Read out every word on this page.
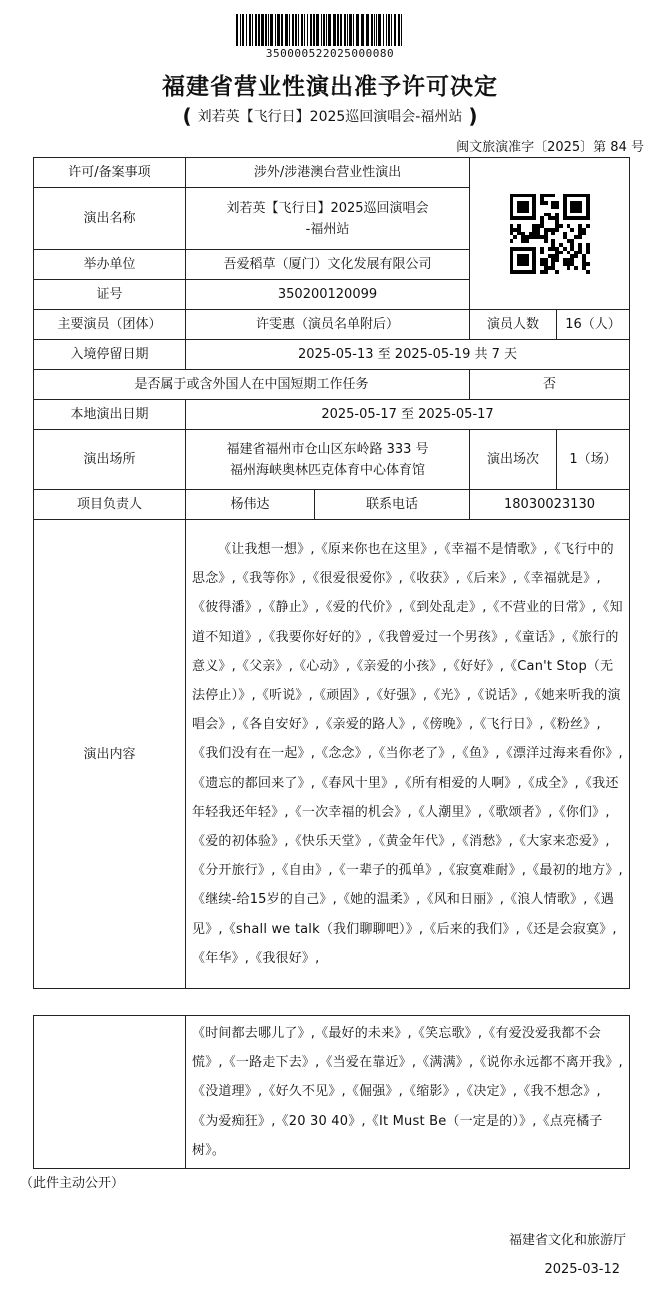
350000522025000080
福建省营业性演出准予许可决定
( 刘若英【飞行日】2025巡回演唱会-福州站 )
闽文旅演准字〔2025〕第 84 号
许可/备案事项	涉外/涉港澳台营业性演出			

演出名称	刘若英【飞行日】2025巡回演唱会
-福州站			

举办单位	吾爱稻草（厦门）文化发展有限公司			
证号	350200120099			
主要演员（团体）	许雯惠（演员名单附后）		演员人数	16（人）
入境停留日期	2025-05-13 至 2025-05-19 共 7 天			
是否属于或含外国人在中国短期工作任务			否	
本地演出日期	2025-05-17 至 2025-05-17			
演出场所	福建省福州市仓山区东岭路 333 号
福州海峡奥林匹克体育中心体育馆		演出场次	1（场）
项目负责人	杨伟达	联系电话	18030023130	
演出内容	《让我想一想》,《原来你也在这里》,《幸福不是情歌》,《飞行中的思念》,《我等你》,《很爱很爱你》,《收获》,《后来》,《幸福就是》,《彼得潘》,《静止》,《爱的代价》,《到处乱走》,《不营业的日常》,《知道不知道》,《我要你好好的》,《我曾爱过一个男孩》,《童话》,《旅行的意义》,《父亲》,《心动》,《亲爱的小孩》,《好好》,《Can't Stop（无法停止）》,《听说》,《顽固》,《好强》,《光》,《说话》,《她来听我的演唱会》,《各自安好》,《亲爱的路人》,《傍晚》,《飞行日》,《粉丝》,《我们没有在一起》,《念念》,《当你老了》,《鱼》,《漂洋过海来看你》,《遗忘的都回来了》,《春风十里》,《所有相爱的人啊》,《成全》,《我还年轻我还年轻》,《一次幸福的机会》,《人潮里》,《歌颂者》,《你们》,《爱的初体验》,《快乐天堂》,《黄金年代》,《消愁》,《大家来恋爱》,《分开旅行》,《自由》,《一辈子的孤单》,《寂寞难耐》,《最初的地方》,《继续-给15岁的自己》,《她的温柔》,《风和日丽》,《浪人情歌》,《遇见》,《shall we talk（我们聊聊吧）》,《后来的我们》,《还是会寂寞》,《年华》,《我很好》,			
	《时间都去哪儿了》,《最好的未来》,《笑忘歌》,《有爱没爱我都不会慌》,《一路走下去》,《当爱在靠近》,《满满》,《说你永远都不离开我》,《没道理》,《好久不见》,《倔强》,《缩影》,《决定》,《我不想念》,《为爱痴狂》,《20 30 40》,《It Must Be（一定是的）》,《点亮橘子树》。
（此件主动公开）
福建省文化和旅游厅
2025-03-12
